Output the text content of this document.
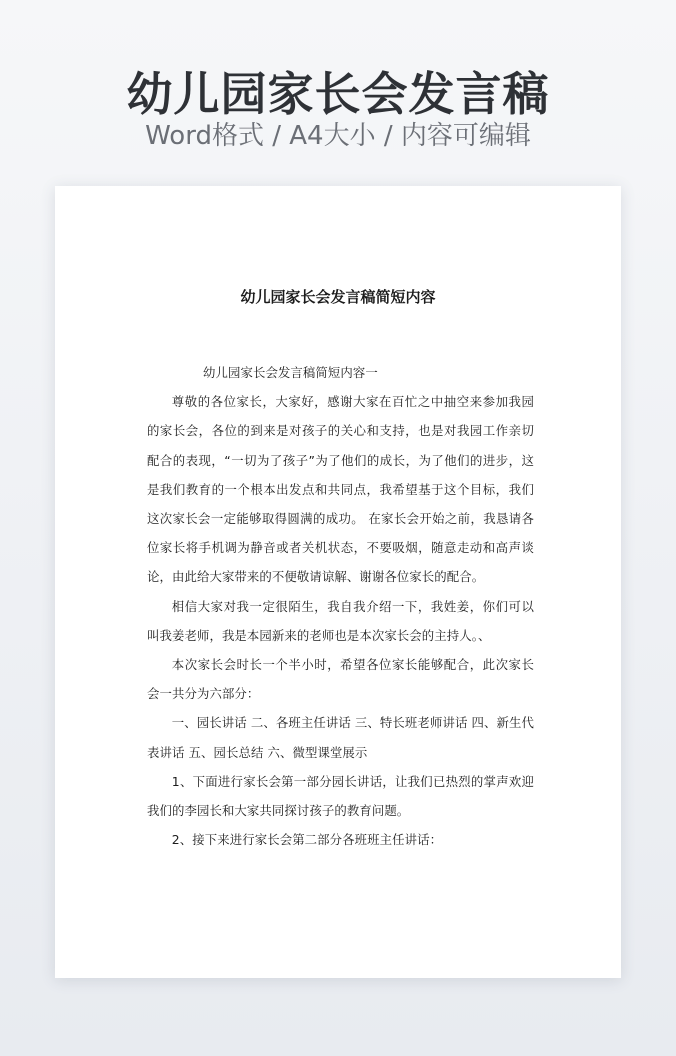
幼儿园家长会发言稿
Word格式 / A4大小 / 内容可编辑
幼儿园家长会发言稿简短内容

幼儿园家长会发言稿简短内容一

尊敬的各位家长，大家好，感谢大家在百忙之中抽空来参加我园的家长会，各位的到来是对孩子的关心和支持，也是对我园工作亲切配合的表现，“一切为了孩子”为了他们的成长，为了他们的进步，这是我们教育的一个根本出发点和共同点，我希望基于这个目标，我们这次家长会一定能够取得圆满的成功。 在家长会开始之前，我恳请各位家长将手机调为静音或者关机状态，不要吸烟，随意走动和高声谈论，由此给大家带来的不便敬请谅解、谢谢各位家长的配合。

相信大家对我一定很陌生，我自我介绍一下，我姓姜，你们可以叫我姜老师，我是本园新来的老师也是本次家长会的主持人。、

本次家长会时长一个半小时，希望各位家长能够配合，此次家长会一共分为六部分：

一、园长讲话 二、各班主任讲话 三、特长班老师讲话 四、新生代表讲话 五、园长总结 六、微型课堂展示

1、下面进行家长会第一部分园长讲话，让我们已热烈的掌声欢迎我们的李园长和大家共同探讨孩子的教育问题。

2、接下来进行家长会第二部分各班班主任讲话：
